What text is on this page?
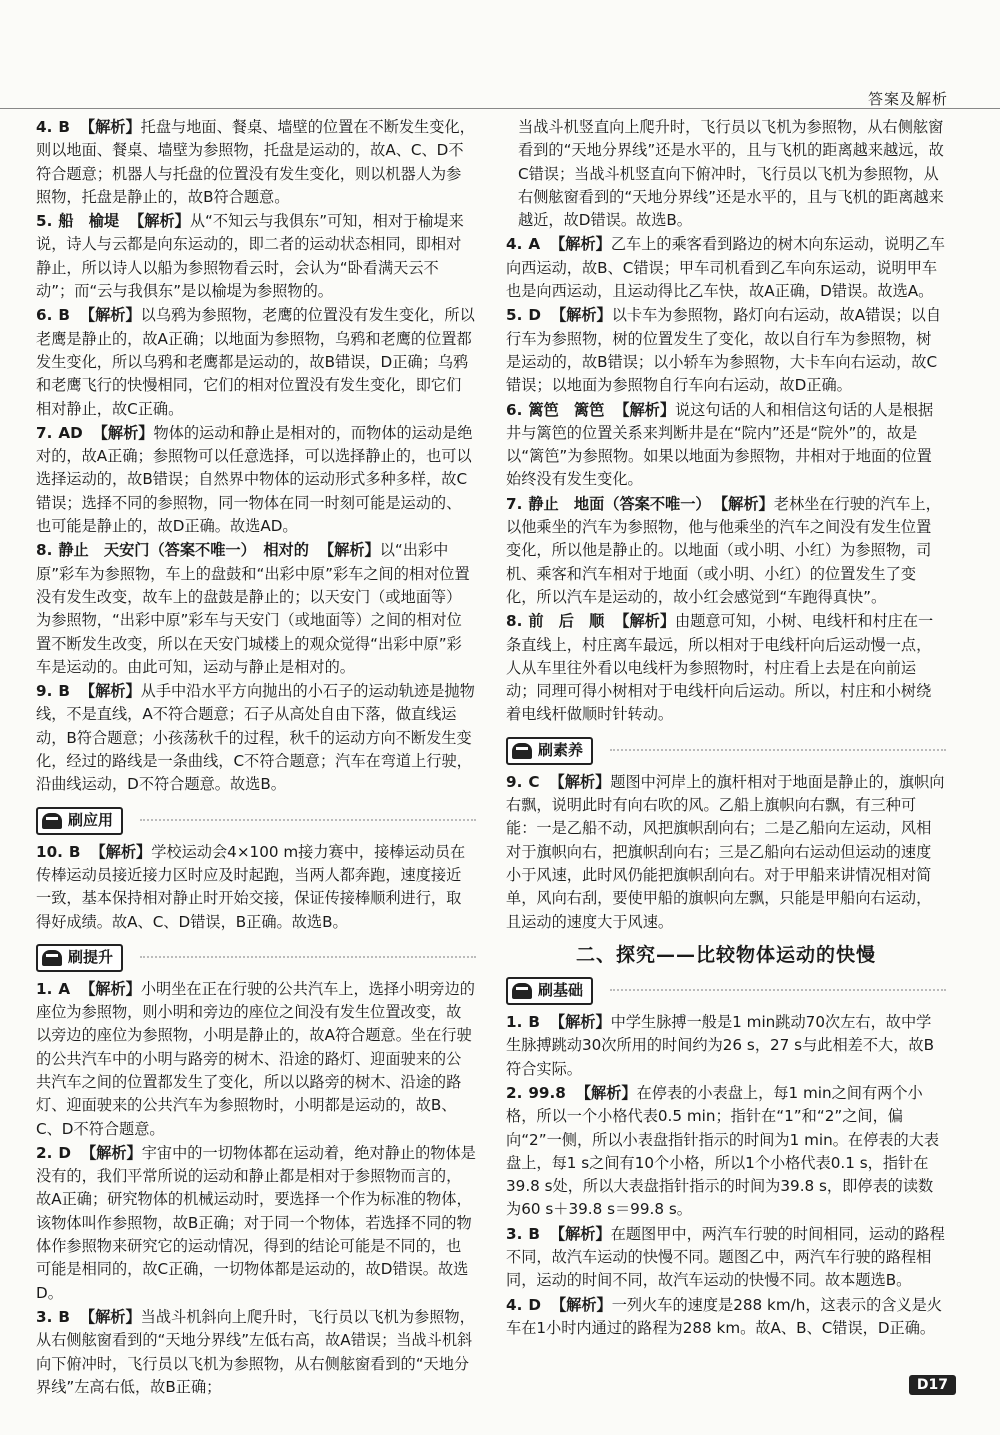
答案及解析
4. B 【解析】托盘与地面、餐桌、墙壁的位置在不断发生变化，则以地面、餐桌、墙壁为参照物，托盘是运动的，故A、C、D不符合题意；机器人与托盘的位置没有发生变化，则以机器人为参照物，托盘是静止的，故B符合题意。
5. 船　榆堤 【解析】从“不知云与我俱东”可知，相对于榆堤来说，诗人与云都是向东运动的，即二者的运动状态相同，即相对静止，所以诗人以船为参照物看云时，会认为“卧看满天云不动”；而“云与我俱东”是以榆堤为参照物的。
6. B 【解析】以乌鸦为参照物，老鹰的位置没有发生变化，所以老鹰是静止的，故A正确；以地面为参照物，乌鸦和老鹰的位置都发生变化，所以乌鸦和老鹰都是运动的，故B错误，D正确；乌鸦和老鹰飞行的快慢相同，它们的相对位置没有发生变化，即它们相对静止，故C正确。
7. AD 【解析】物体的运动和静止是相对的，而物体的运动是绝对的，故A正确；参照物可以任意选择，可以选择静止的，也可以选择运动的，故B错误；自然界中物体的运动形式多种多样，故C错误；选择不同的参照物，同一物体在同一时刻可能是运动的、也可能是静止的，故D正确。故选AD。
8. 静止　天安门（答案不唯一）　相对的 【解析】以“出彩中原”彩车为参照物，车上的盘鼓和“出彩中原”彩车之间的相对位置没有发生改变，故车上的盘鼓是静止的；以天安门（或地面等）为参照物，“出彩中原”彩车与天安门（或地面等）之间的相对位置不断发生改变，所以在天安门城楼上的观众觉得“出彩中原”彩车是运动的。由此可知，运动与静止是相对的。
9. B 【解析】从手中沿水平方向抛出的小石子的运动轨迹是抛物线，不是直线，A不符合题意；石子从高处自由下落，做直线运动，B符合题意；小孩荡秋千的过程，秋千的运动方向不断发生变化，经过的路线是一条曲线，C不符合题意；汽车在弯道上行驶，沿曲线运动，D不符合题意。故选B。
刷应用
10. B 【解析】学校运动会4×100 m接力赛中，接棒运动员在传棒运动员接近接力区时应及时起跑，当两人都奔跑，速度接近一致，基本保持相对静止时开始交接，保证传接棒顺利进行，取得好成绩。故A、C、D错误，B正确。故选B。
刷提升
1. A 【解析】小明坐在正在行驶的公共汽车上，选择小明旁边的座位为参照物，则小明和旁边的座位之间没有发生位置改变，故以旁边的座位为参照物，小明是静止的，故A符合题意。坐在行驶的公共汽车中的小明与路旁的树木、沿途的路灯、迎面驶来的公共汽车之间的位置都发生了变化，所以以路旁的树木、沿途的路灯、迎面驶来的公共汽车为参照物时，小明都是运动的，故B、C、D不符合题意。
2. D 【解析】宇宙中的一切物体都在运动着，绝对静止的物体是没有的，我们平常所说的运动和静止都是相对于参照物而言的，故A正确；研究物体的机械运动时，要选择一个作为标准的物体，该物体叫作参照物，故B正确；对于同一个物体，若选择不同的物体作参照物来研究它的运动情况，得到的结论可能是不同的，也可能是相同的，故C正确，一切物体都是运动的，故D错误。故选D。
3. B 【解析】当战斗机斜向上爬升时，飞行员以飞机为参照物，从右侧舷窗看到的“天地分界线”左低右高，故A错误；当战斗机斜向下俯冲时，飞行员以飞机为参照物，从右侧舷窗看到的“天地分界线”左高右低，故B正确；
当战斗机竖直向上爬升时，飞行员以飞机为参照物，从右侧舷窗看到的“天地分界线”还是水平的，且与飞机的距离越来越远，故C错误；当战斗机竖直向下俯冲时，飞行员以飞机为参照物，从右侧舷窗看到的“天地分界线”还是水平的，且与飞机的距离越来越近，故D错误。故选B。
4. A 【解析】乙车上的乘客看到路边的树木向东运动，说明乙车向西运动，故B、C错误；甲车司机看到乙车向东运动，说明甲车也是向西运动，且运动得比乙车快，故A正确，D错误。故选A。
5. D 【解析】以卡车为参照物，路灯向右运动，故A错误；以自行车为参照物，树的位置发生了变化，故以自行车为参照物，树是运动的，故B错误；以小轿车为参照物，大卡车向右运动，故C错误；以地面为参照物自行车向右运动，故D正确。
6. 篱笆　篱笆 【解析】说这句话的人和相信这句话的人是根据井与篱笆的位置关系来判断井是在“院内”还是“院外”的，故是以“篱笆”为参照物。如果以地面为参照物，井相对于地面的位置始终没有发生变化。
7. 静止　地面（答案不唯一） 【解析】老林坐在行驶的汽车上，以他乘坐的汽车为参照物，他与他乘坐的汽车之间没有发生位置变化，所以他是静止的。以地面（或小明、小红）为参照物，司机、乘客和汽车相对于地面（或小明、小红）的位置发生了变化，所以汽车是运动的，故小红会感觉到“车跑得真快”。
8. 前　后　顺 【解析】由题意可知，小树、电线杆和村庄在一条直线上，村庄离车最远，所以相对于电线杆向后运动慢一点，人从车里往外看以电线杆为参照物时，村庄看上去是在向前运动；同理可得小树相对于电线杆向后运动。所以，村庄和小树绕着电线杆做顺时针转动。
刷素养
9. C 【解析】题图中河岸上的旗杆相对于地面是静止的，旗帜向右飘，说明此时有向右吹的风。乙船上旗帜向右飘，有三种可能：一是乙船不动，风把旗帜刮向右；二是乙船向左运动，风相对于旗帜向右，把旗帜刮向右；三是乙船向右运动但运动的速度小于风速，此时风仍能把旗帜刮向右。对于甲船来讲情况相对简单，风向右刮，要使甲船的旗帜向左飘，只能是甲船向右运动，且运动的速度大于风速。
二、探究——比较物体运动的快慢
刷基础
1. B 【解析】中学生脉搏一般是1 min跳动70次左右，故中学生脉搏跳动30次所用的时间约为26 s，27 s与此相差不大，故B符合实际。
2. 99.8 【解析】在停表的小表盘上，每1 min之间有两个小格，所以一个小格代表0.5 min；指针在“1”和“2”之间，偏向“2”一侧，所以小表盘指针指示的时间为1 min。在停表的大表盘上，每1 s之间有10个小格，所以1个小格代表0.1 s，指针在39.8 s处，所以大表盘指针指示的时间为39.8 s，即停表的读数为60 s＋39.8 s＝99.8 s。
3. B 【解析】在题图甲中，两汽车行驶的时间相同，运动的路程不同，故汽车运动的快慢不同。题图乙中，两汽车行驶的路程相同，运动的时间不同，故汽车运动的快慢不同。故本题选B。
4. D 【解析】一列火车的速度是288 km/h，这表示的含义是火车在1小时内通过的路程为288 km。故A、B、C错误，D正确。
D17
